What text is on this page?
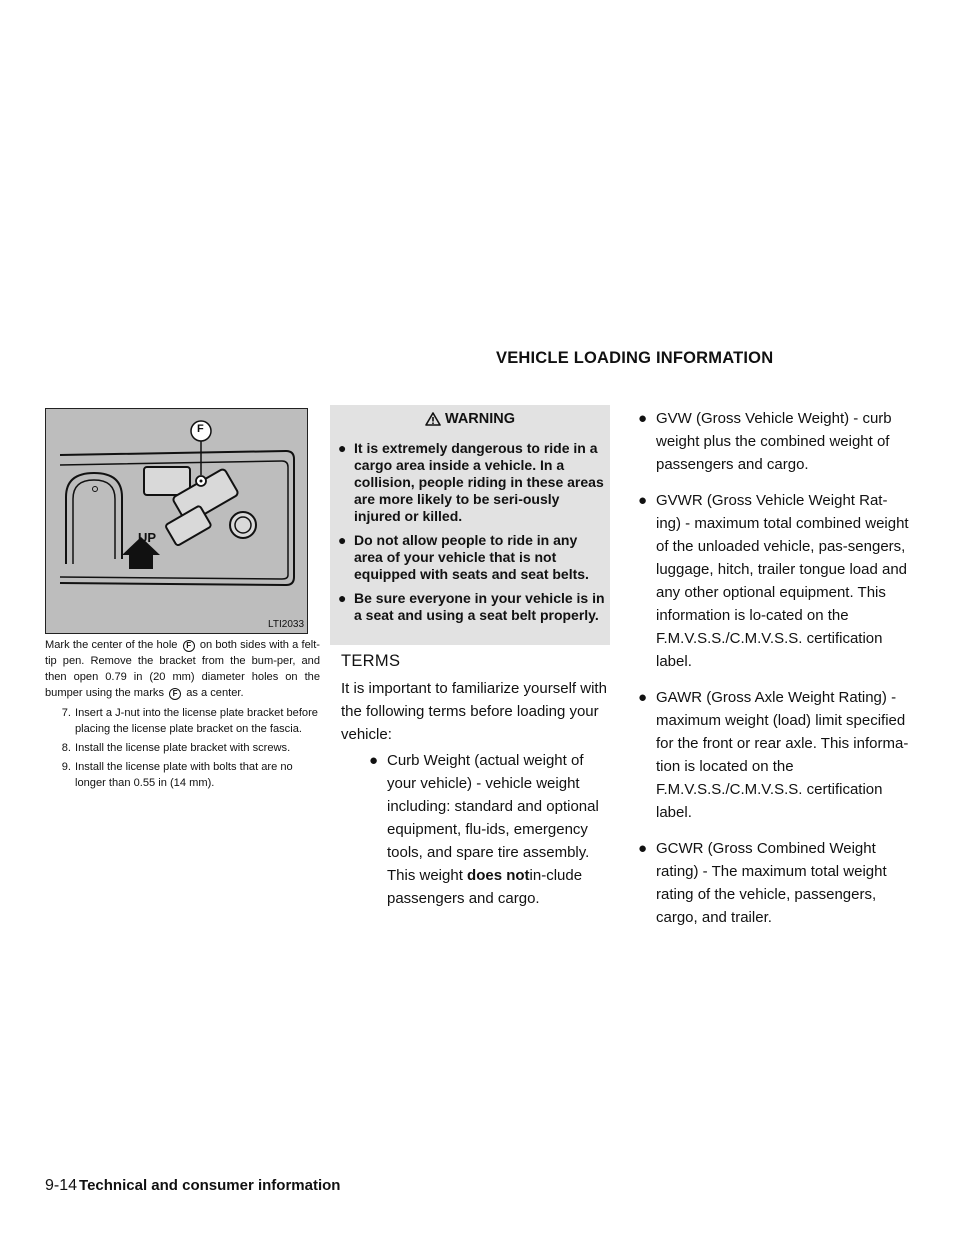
VEHICLE LOADING INFORMATION
F
UP
LTI2033

Mark the center of the hole F on both sides with a felt-tip pen. Remove the bracket from the bum-per, and then open 0.79 in (20 mm) diameter holes on the bumper using the marks F as a center.

7. Insert a J-nut into the license plate bracket before placing the license plate bracket on the fascia.
8. Install the license plate bracket with screws.
9. Install the license plate with bolts that are no longer than 0.55 in (14 mm).
WARNING
● It is extremely dangerous to ride in a cargo area inside a vehicle. In a collision, people riding in these areas are more likely to be seri-ously injured or killed.
● Do not allow people to ride in any area of your vehicle that is not equipped with seats and seat belts.
● Be sure everyone in your vehicle is in a seat and using a seat belt properly.
TERMS

It is important to familiarize yourself with the following terms before loading your vehicle:

● Curb Weight (actual weight of your vehicle) - vehicle weight including: standard and optional equipment, flu-ids, emergency tools, and spare tire assembly. This weight does notin-clude passengers and cargo.
● GVW (Gross Vehicle Weight) - curb weight plus the combined weight of passengers and cargo.
● GVWR (Gross Vehicle Weight Rat-ing) - maximum total combined weight of the unloaded vehicle, pas-sengers, luggage, hitch, trailer tongue load and any other optional equipment. This information is lo-cated on the F.M.V.S.S./C.M.V.S.S. certification label.
● GAWR (Gross Axle Weight Rating) - maximum weight (load) limit specified for the front or rear axle. This informa-tion is located on the F.M.V.S.S./C.M.V.S.S. certification label.
● GCWR (Gross Combined Weight rating) - The maximum total weight rating of the vehicle, passengers, cargo, and trailer.
9-14 Technical and consumer information
